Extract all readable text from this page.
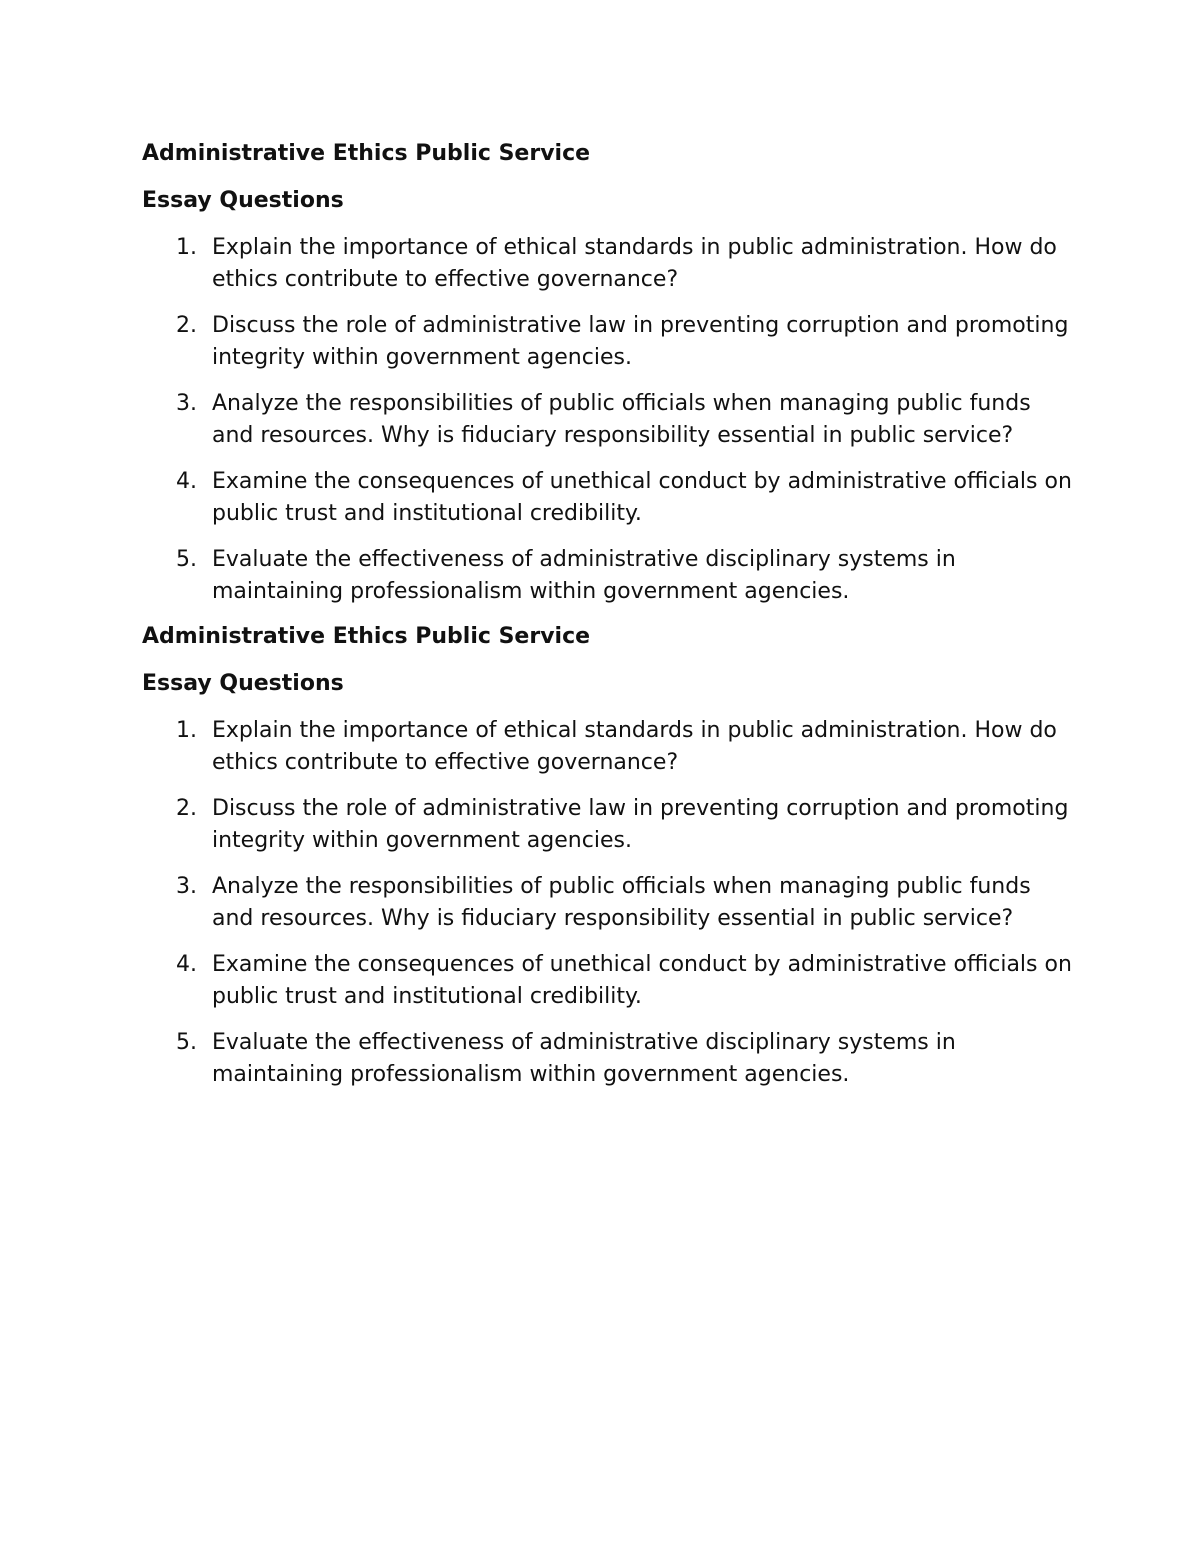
Administrative Ethics Public Service
Essay Questions
1. Explain the importance of ethical standards in public administration. How do ethics contribute to effective governance?
2. Discuss the role of administrative law in preventing corruption and promoting integrity within government agencies.
3. Analyze the responsibilities of public officials when managing public funds and resources. Why is fiduciary responsibility essential in public service?
4. Examine the consequences of unethical conduct by administrative officials on public trust and institutional credibility.
5. Evaluate the effectiveness of administrative disciplinary systems in maintaining professionalism within government agencies.
Administrative Ethics Public Service
Essay Questions
1. Explain the importance of ethical standards in public administration. How do ethics contribute to effective governance?
2. Discuss the role of administrative law in preventing corruption and promoting integrity within government agencies.
3. Analyze the responsibilities of public officials when managing public funds and resources. Why is fiduciary responsibility essential in public service?
4. Examine the consequences of unethical conduct by administrative officials on public trust and institutional credibility.
5. Evaluate the effectiveness of administrative disciplinary systems in maintaining professionalism within government agencies.
